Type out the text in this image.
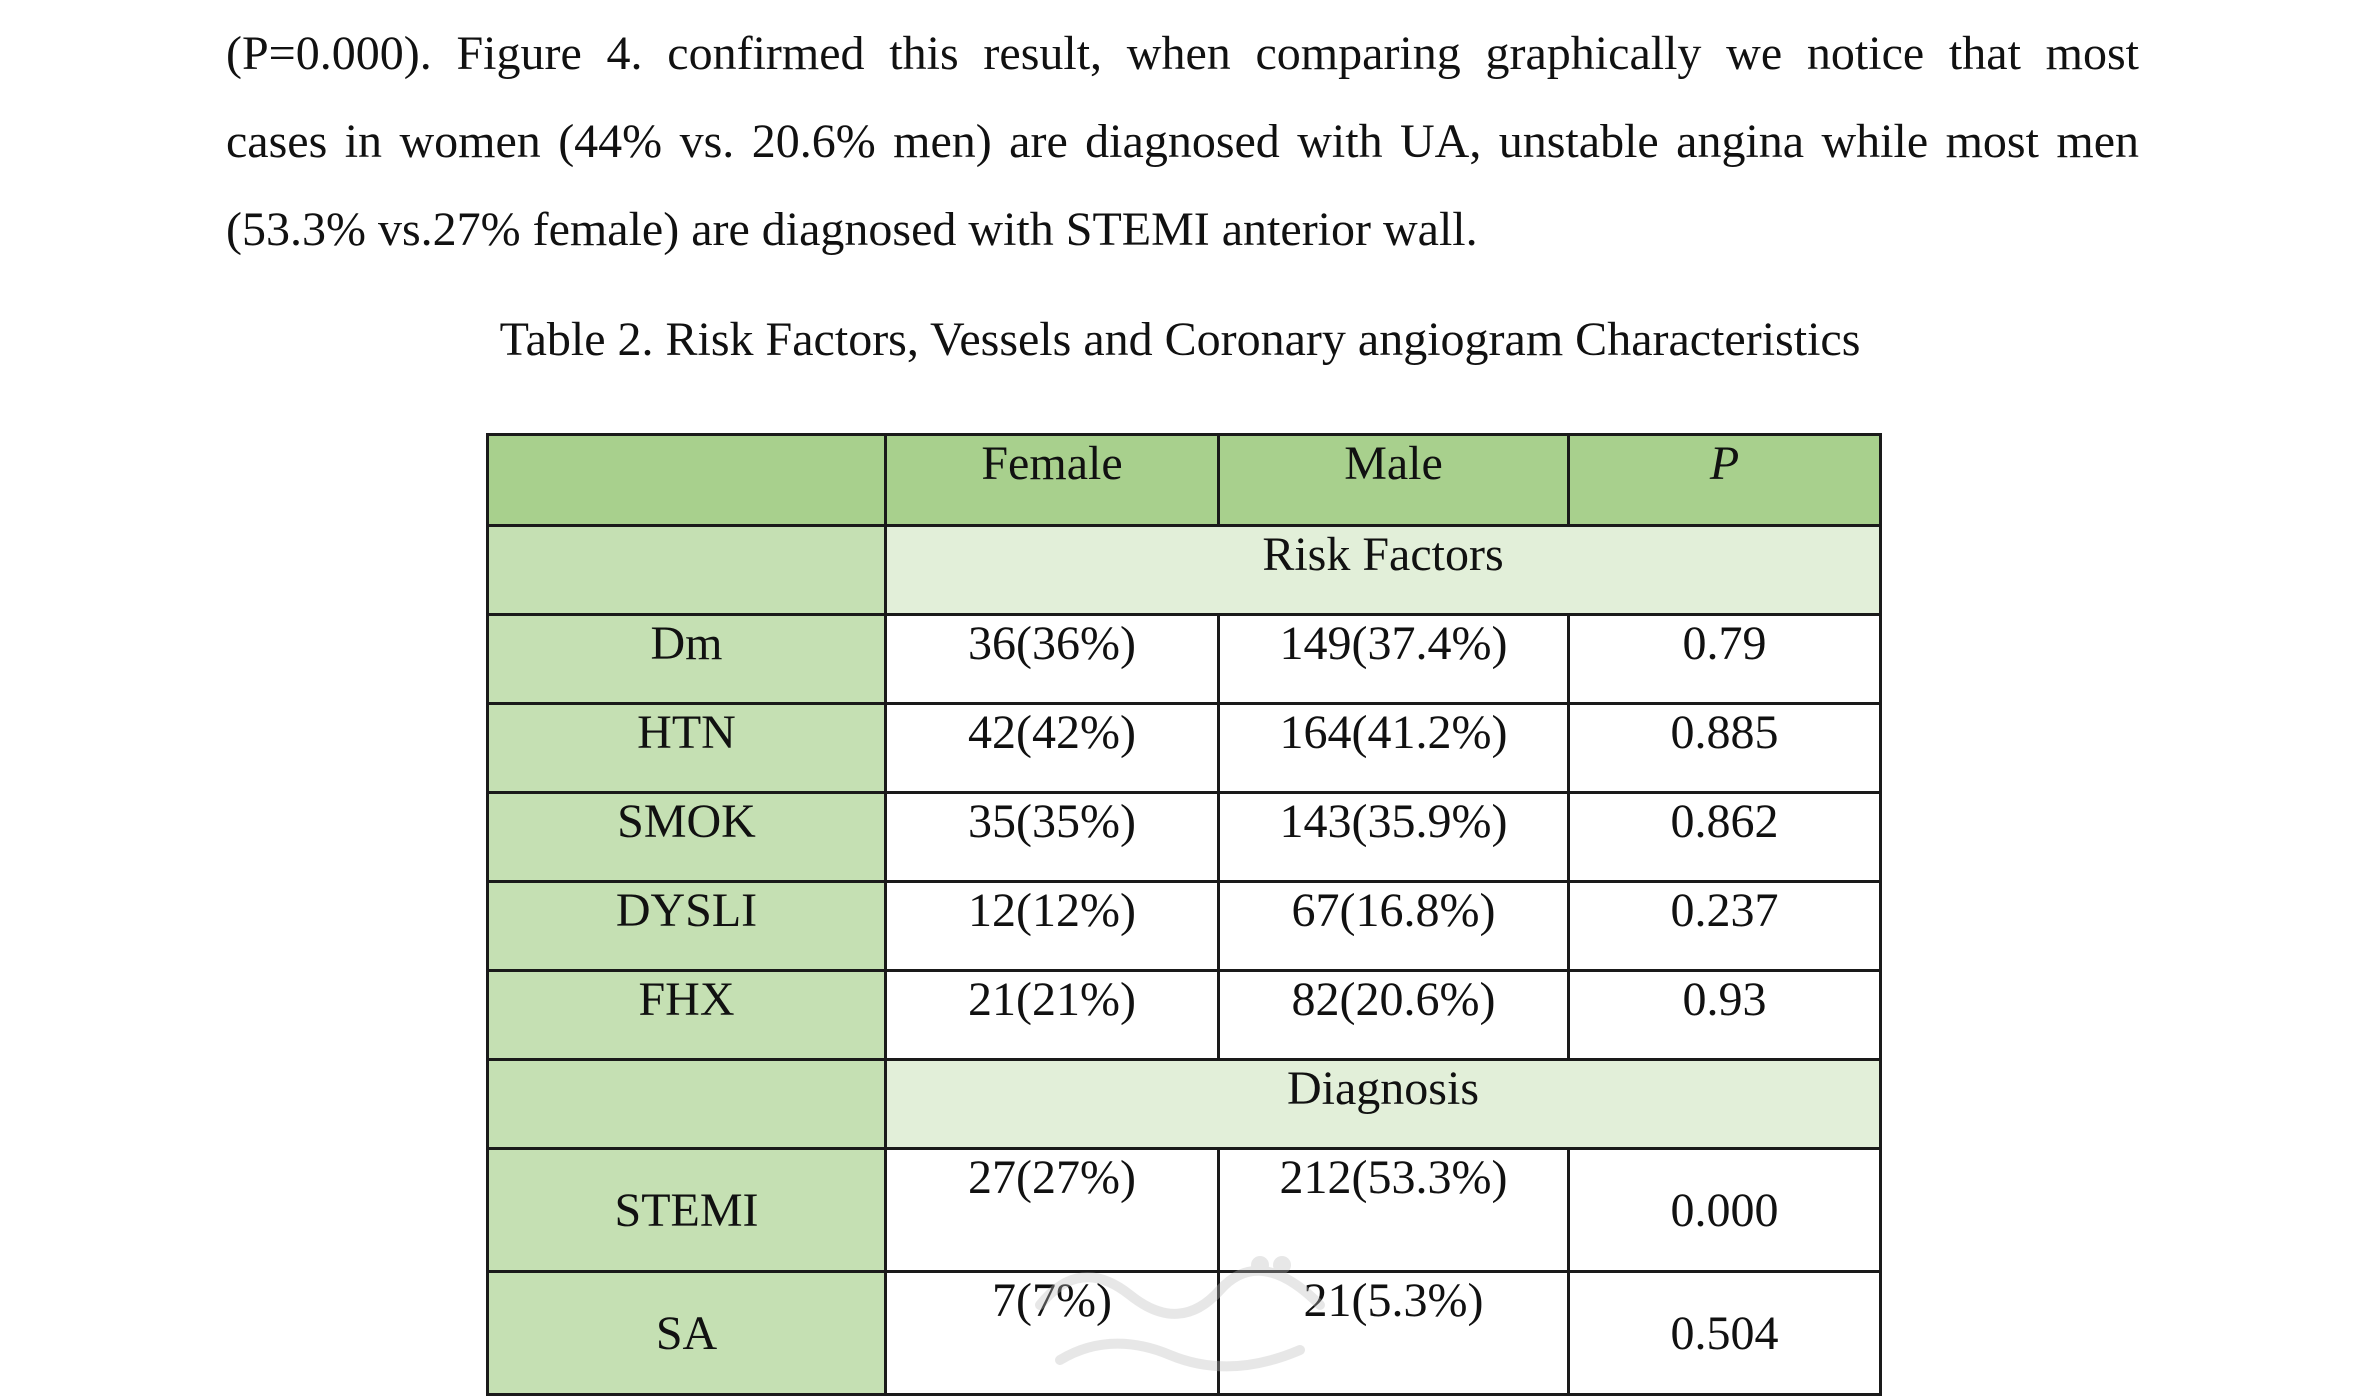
(P=0.000). Figure 4. confirmed this result, when comparing graphically we notice that most
cases in women (44% vs. 20.6% men) are diagnosed with UA, unstable angina while most men
(53.3% vs.27% female) are diagnosed with STEMI anterior wall.

Table 2. Risk Factors, Vessels and Coronary angiogram Characteristics

	Female	Male	P
	Risk Factors		
Dm	36(36%)	149(37.4%)	0.79
HTN	42(42%)	164(41.2%)	0.885
SMOK	35(35%)	143(35.9%)	0.862
DYSLI	12(12%)	67(16.8%)	0.237
FHX	21(21%)	82(20.6%)	0.93
	Diagnosis		
STEMI	27(27%)	212(53.3%)	0.000
SA	7(7%)	21(5.3%)	0.504
